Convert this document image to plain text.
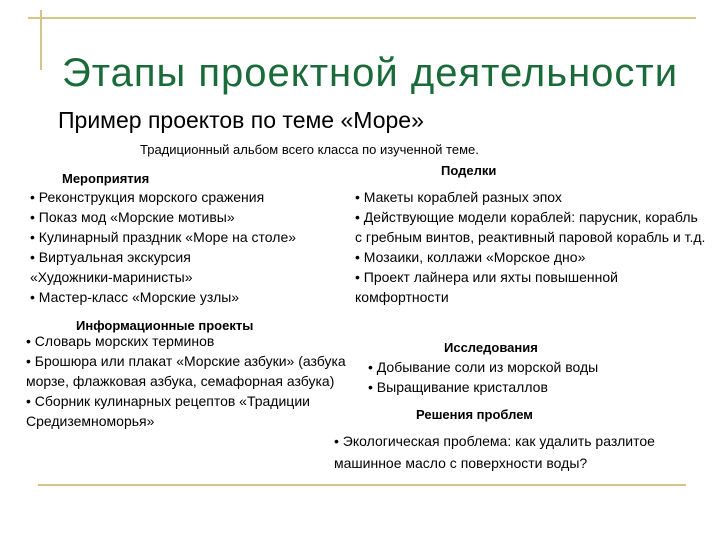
Этапы проектной деятельности
Пример проектов по теме «Море»
Традиционный альбом всего класса по изученной теме.
Мероприятия
• Реконструкция морского сражения
• Показ мод «Морские мотивы»
• Кулинарный праздник «Море на столе»
• Виртуальная экскурсия «Художники-маринисты»
• Мастер-класс «Морские узлы»
Поделки
• Макеты кораблей разных эпох
• Действующие модели кораблей: парусник, корабль с гребным винтов, реактивный паровой корабль и т.д.
• Мозаики, коллажи «Морское дно»
• Проект лайнера или яхты повышенной комфортности
Информационные проекты
• Словарь морских терминов
• Брошюра или плакат «Морские азбуки» (азбука морзе, флажковая азбука, семафорная азбука)
• Сборник кулинарных рецептов «Традиции Средиземноморья»
Исследования
• Добывание соли из морской воды
• Выращивание кристаллов
Решения проблем
• Экологическая проблема: как удалить разлитое машинное масло с поверхности воды?
